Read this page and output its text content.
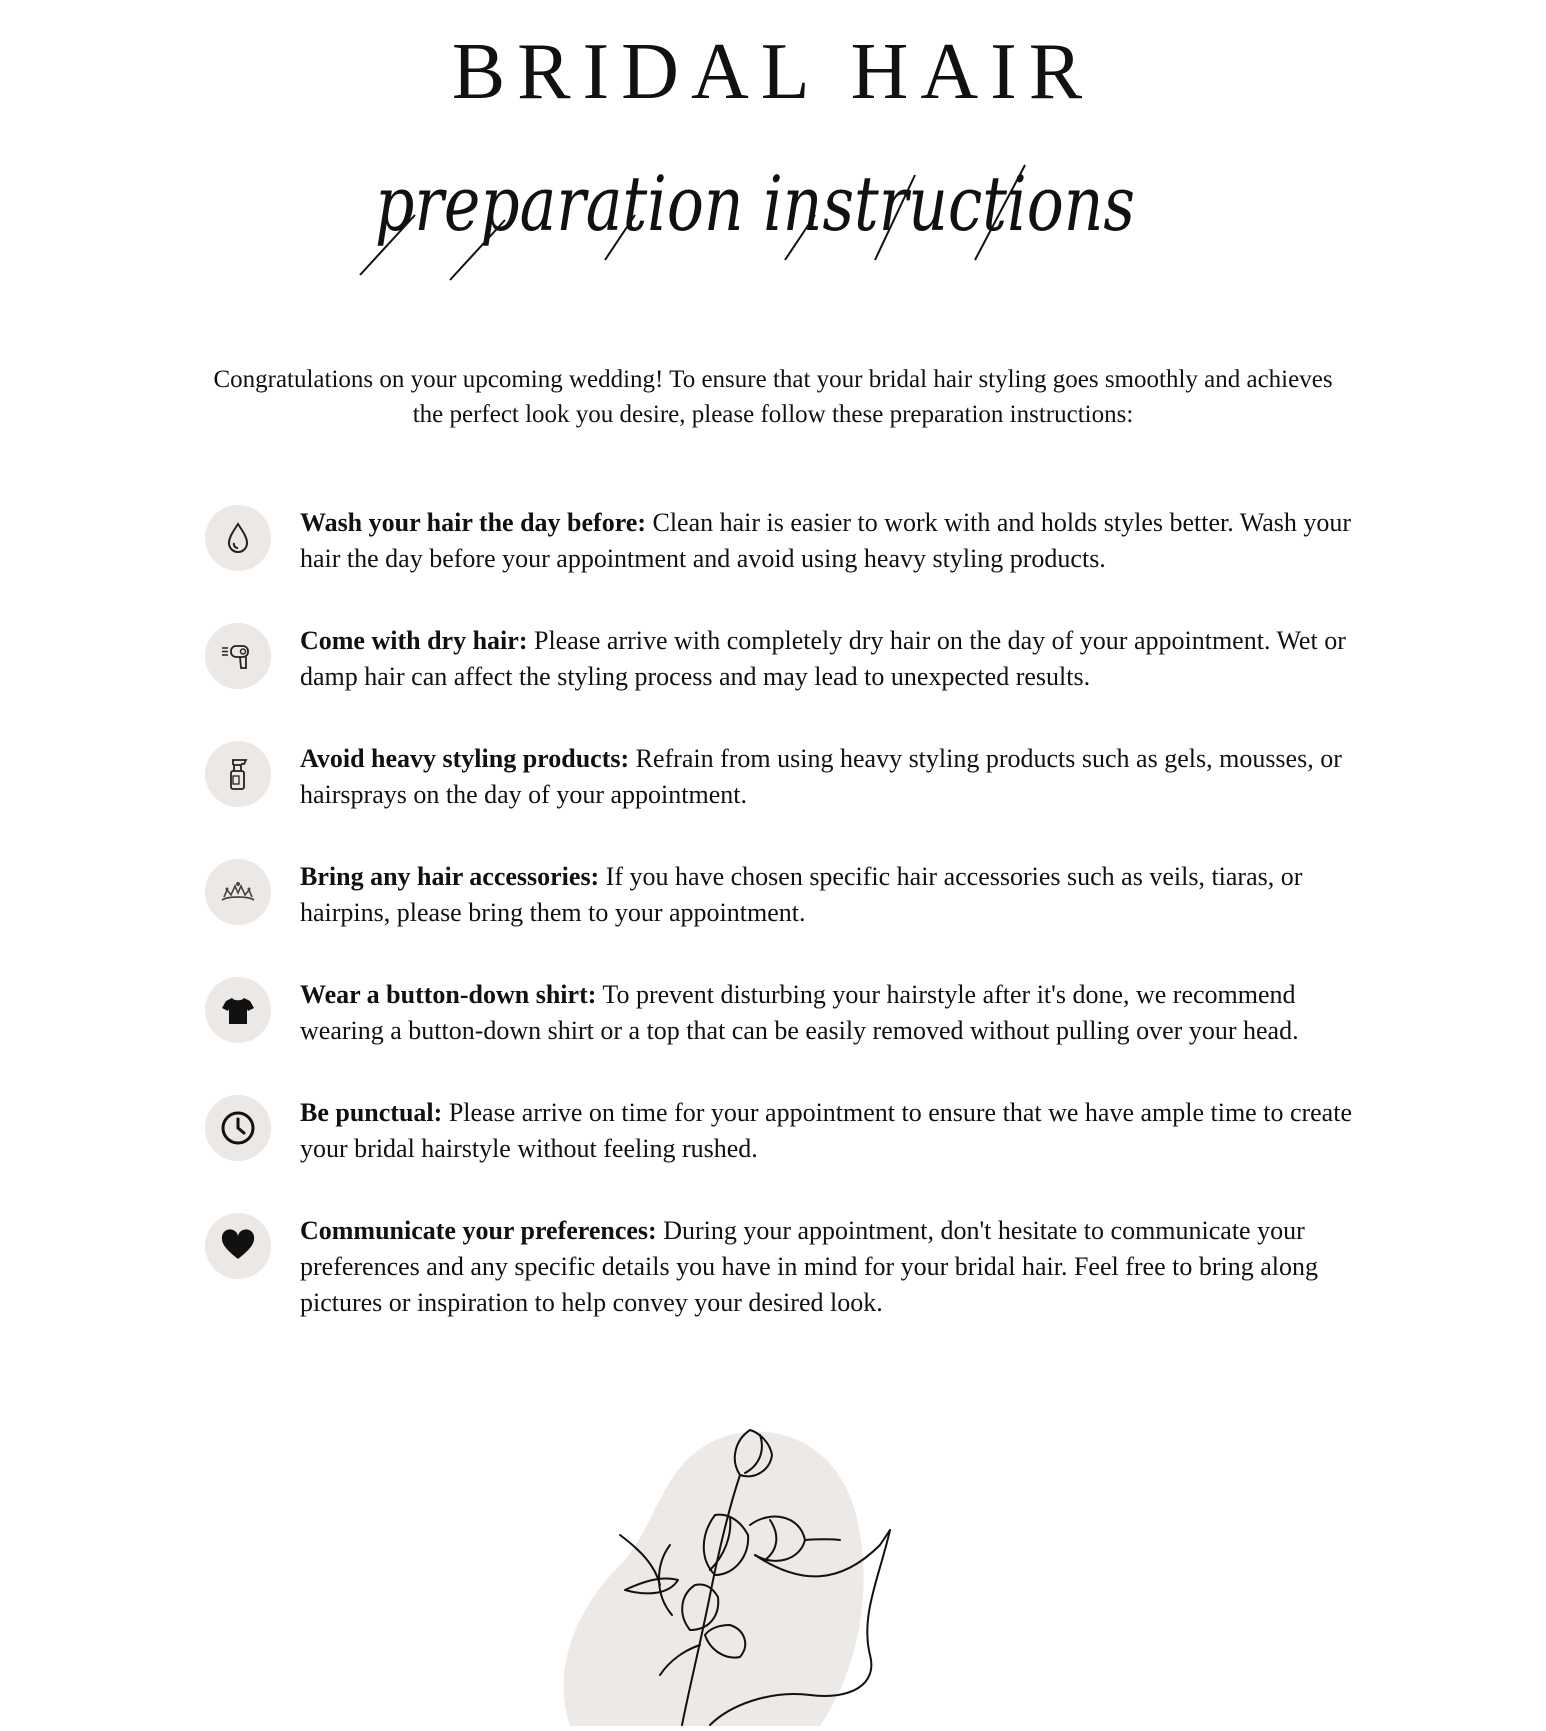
BRIDAL HAIR
preparation instructions

Congratulations on your upcoming wedding! To ensure that your bridal hair styling goes smoothly and achieves the perfect look you desire, please follow these preparation instructions:

Wash your hair the day before: Clean hair is easier to work with and holds styles better. Wash your hair the day before your appointment and avoid using heavy styling products.

Come with dry hair: Please arrive with completely dry hair on the day of your appointment. Wet or damp hair can affect the styling process and may lead to unexpected results.

Avoid heavy styling products: Refrain from using heavy styling products such as gels, mousses, or hairsprays on the day of your appointment.

Bring any hair accessories: If you have chosen specific hair accessories such as veils, tiaras, or hairpins, please bring them to your appointment.

Wear a button-down shirt: To prevent disturbing your hairstyle after it's done, we recommend wearing a button-down shirt or a top that can be easily removed without pulling over your head.

Be punctual: Please arrive on time for your appointment to ensure that we have ample time to create your bridal hairstyle without feeling rushed.

Communicate your preferences: During your appointment, don't hesitate to communicate your preferences and any specific details you have in mind for your bridal hair. Feel free to bring along pictures or inspiration to help convey your desired look.
